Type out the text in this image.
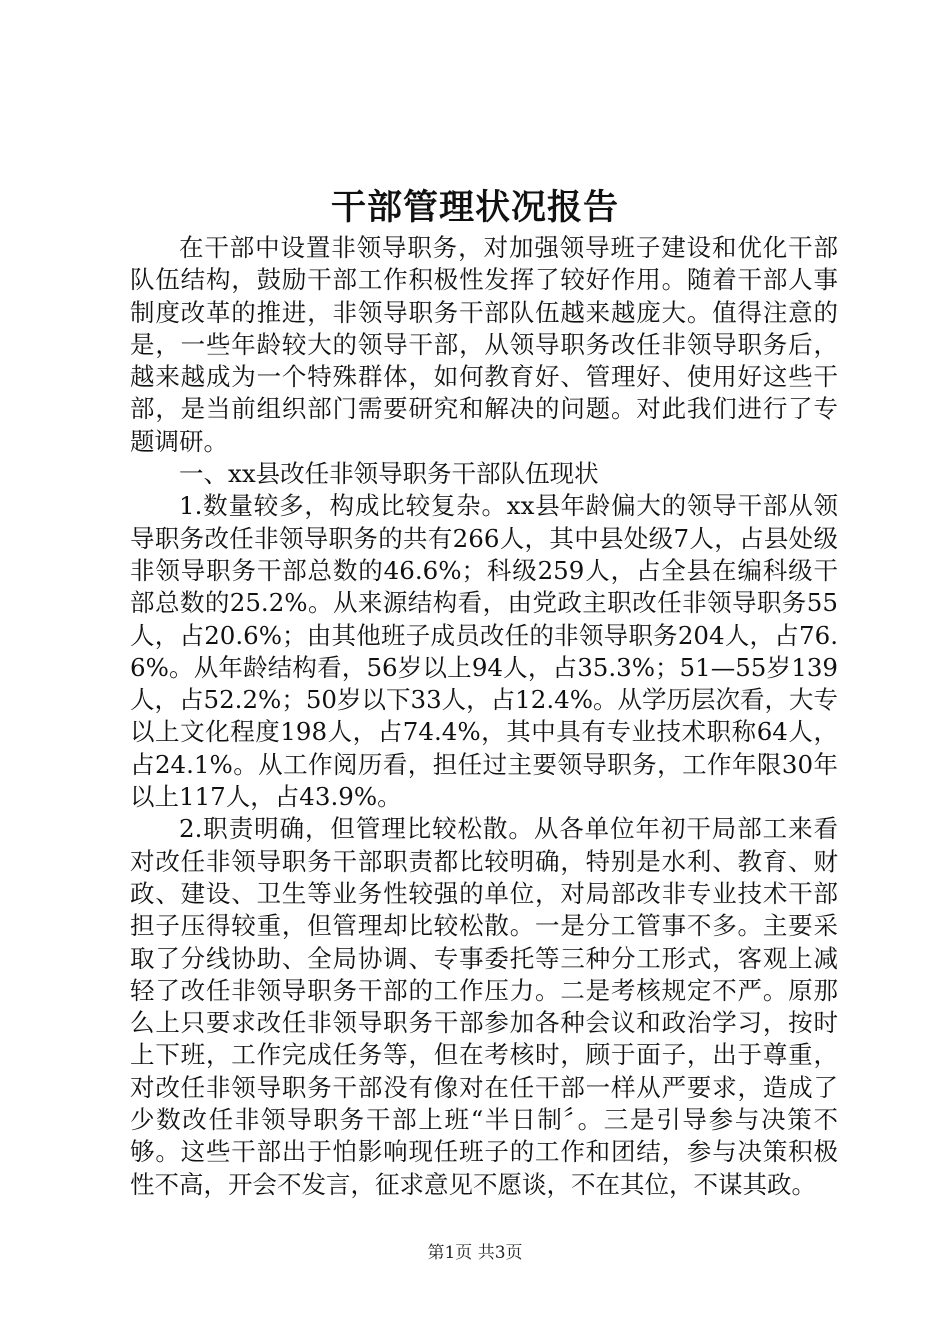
干部管理状况报告

在干部中设置非领导职务，对加强领导班子建设和优化干部队伍结构，鼓励干部工作积极性发挥了较好作用。随着干部人事制度改革的推进，非领导职务干部队伍越来越庞大。值得注意的是，一些年龄较大的领导干部，从领导职务改任非领导职务后，越来越成为一个特殊群体，如何教育好、管理好、使用好这些干部，是当前组织部门需要研究和解决的问题。对此我们进行了专题调研。

一、xx县改任非领导职务干部队伍现状

1.数量较多，构成比较复杂。xx县年龄偏大的领导干部从领导职务改任非领导职务的共有266人，其中县处级7人，占县处级非领导职务干部总数的46.6%；科级259人，占全县在编科级干部总数的25.2%。从来源结构看，由党政主职改任非领导职务55人，占20.6%；由其他班子成员改任的非领导职务204人，占76.6%。从年龄结构看，56岁以上94人，占35.3%；51—55岁139人，占52.2%；50岁以下33人，占12.4%。从学历层次看，大专以上文化程度198人，占74.4%，其中具有专业技术职称64人，占24.1%。从工作阅历看，担任过主要领导职务，工作年限30年以上117人，占43.9%。

2.职责明确，但管理比较松散。从各单位年初干局部工来看对改任非领导职务干部职责都比较明确，特别是水利、教育、财政、建设、卫生等业务性较强的单位，对局部改非专业技术干部担子压得较重，但管理却比较松散。一是分工管事不多。主要采取了分线协助、全局协调、专事委托等三种分工形式，客观上减轻了改任非领导职务干部的工作压力。二是考核规定不严。原那么上只要求改任非领导职务干部参加各种会议和政治学习，按时上下班，工作完成任务等，但在考核时，顾于面子，出于尊重，对改任非领导职务干部没有像对在任干部一样从严要求，造成了少数改任非领导职务干部上班“半日制〞。三是引导参与决策不够。这些干部出于怕影响现任班子的工作和团结，参与决策积极性不高，开会不发言，征求意见不愿谈，不在其位，不谋其政。

第1页 共3页
